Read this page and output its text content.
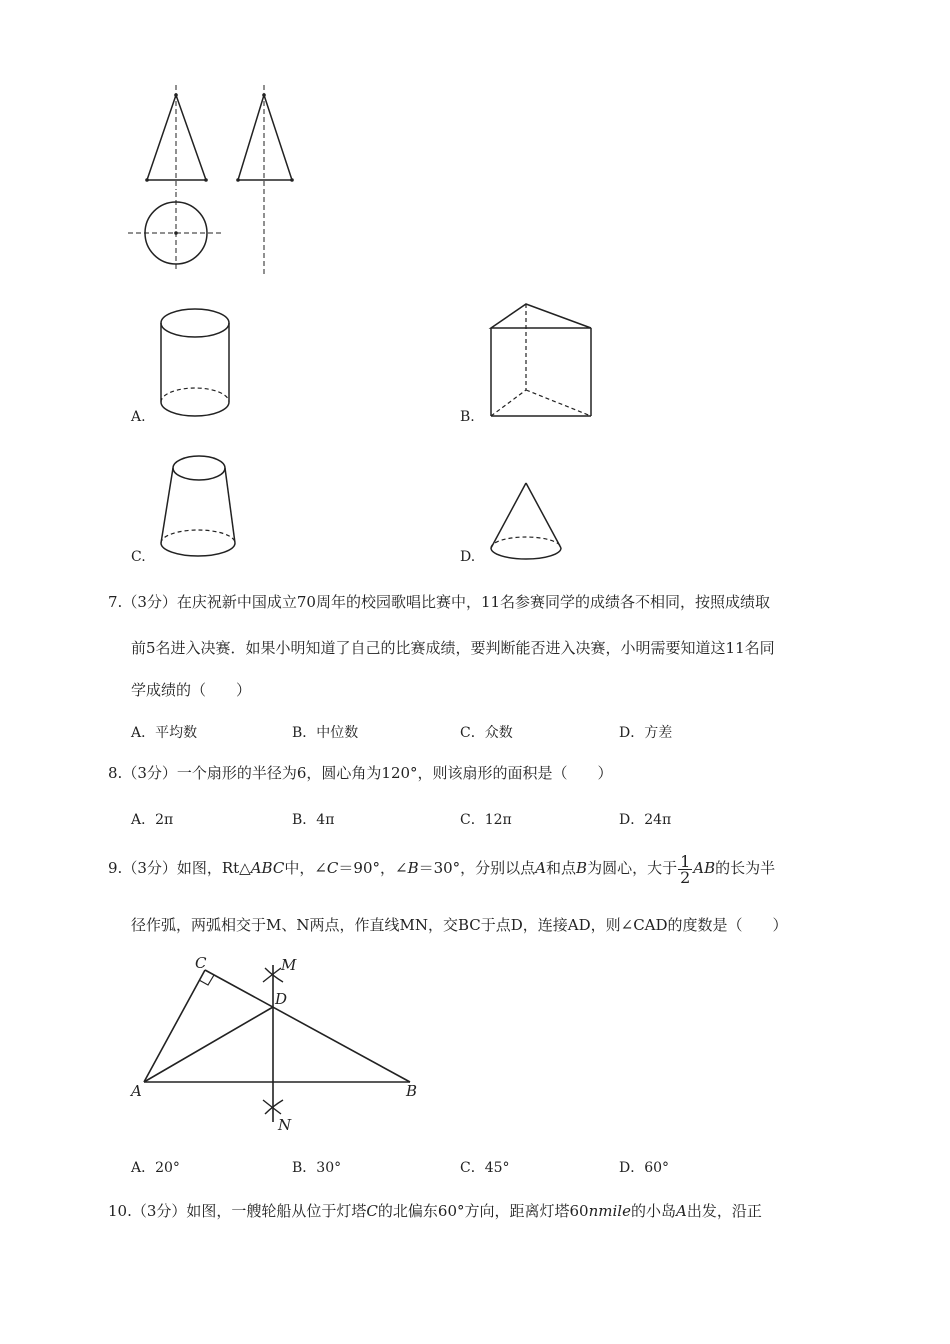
A.	B.
C.	D.
7.（3分）在庆祝新中国成立70周年的校园歌唱比赛中，11名参赛同学的成绩各不相同，按照成绩取
前5名进入决赛．如果小明知道了自己的比赛成绩，要判断能否进入决赛，小明需要知道这11名同
学成绩的（　　）
A．平均数	B．中位数	C．众数	D．方差
8.（3分）一个扇形的半径为6，圆心角为120°，则该扇形的面积是（　　）
A．2π	B．4π	C．12π	D．24π
9.（3分）如图，Rt△ABC中，∠C＝90°，∠B＝30°，分别以点A和点B为圆心，大于 $\frac{1}{2}$ AB的长为半
径作弧，两弧相交于M、N两点，作直线MN，交BC于点D，连接AD，则∠CAD的度数是（　　）
C	M
D
A	B
N
A．20°	B．30°	C．45°	D．60°
10.（3分）如图，一艘轮船从位于灯塔C的北偏东60°方向，距离灯塔60nmile的小岛A出发，沿正
